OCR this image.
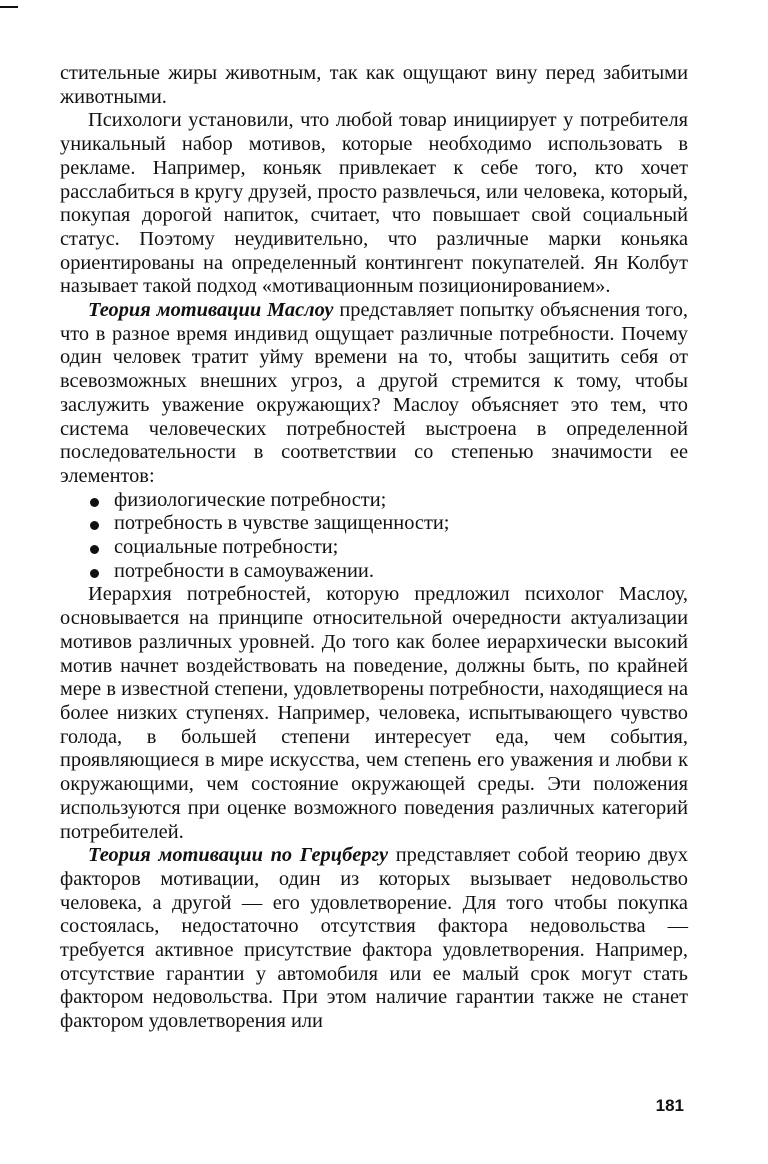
стительные жиры животным, так как ощущают вину перед забитыми животными.

Психологи установили, что любой товар инициирует у потребителя уникальный набор мотивов, которые необходимо использовать в рекламе. Например, коньяк привлекает к себе того, кто хочет расслабиться в кругу друзей, просто развлечься, или человека, который, покупая дорогой напиток, считает, что повышает свой социальный статус. Поэтому неудивительно, что различные марки коньяка ориентированы на определенный контингент покупателей. Ян Колбут называет такой подход «мотивационным позиционированием».

Теория мотивации Маслоу представляет попытку объяснения того, что в разное время индивид ощущает различные потребности. Почему один человек тратит уйму времени на то, чтобы защитить себя от всевозможных внешних угроз, а другой стремится к тому, чтобы заслужить уважение окружающих? Маслоу объясняет это тем, что система человеческих потребностей выстроена в определенной последовательности в соответствии со степенью значимости ее элементов:

физиологические потребности;
потребность в чувстве защищенности;
социальные потребности;
потребности в самоуважении.

Иерархия потребностей, которую предложил психолог Маслоу, основывается на принципе относительной очередности актуализации мотивов различных уровней. До того как более иерархически высокий мотив начнет воздействовать на поведение, должны быть, по крайней мере в известной степени, удовлетворены потребности, находящиеся на более низких ступенях. Например, человека, испытывающего чувство голода, в большей степени интересует еда, чем события, проявляющиеся в мире искусства, чем степень его уважения и любви к окружающими, чем состояние окружающей среды. Эти положения используются при оценке возможного поведения различных категорий потребителей.

Теория мотивации по Герцбергу представляет собой теорию двух факторов мотивации, один из которых вызывает недовольство человека, а другой — его удовлетворение. Для того чтобы покупка состоялась, недостаточно отсутствия фактора недовольства — требуется активное присутствие фактора удовлетворения. Например, отсутствие гарантии у автомобиля или ее малый срок могут стать фактором недовольства. При этом наличие гарантии также не станет фактором удовлетворения или

181
